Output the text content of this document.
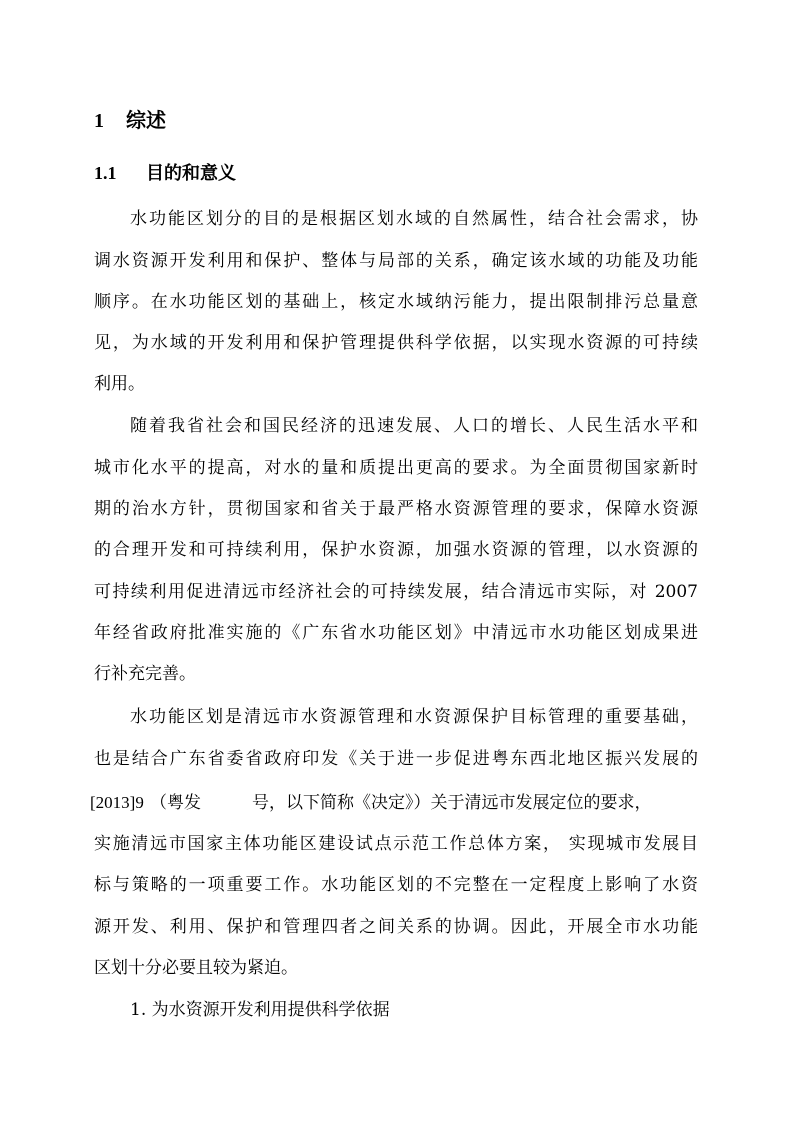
1 综述
1.1 目的和意义
水功能区划分的目的是根据区划水域的自然属性，结合社会需求，协
调水资源开发利用和保护、整体与局部的关系，确定该水域的功能及功能
顺序。在水功能区划的基础上，核定水域纳污能力，提出限制排污总量意
见，为水域的开发利用和保护管理提供科学依据，以实现水资源的可持续
利用。
随着我省社会和国民经济的迅速发展、人口的增长、人民生活水平和
城市化水平的提高，对水的量和质提出更高的要求。为全面贯彻国家新时
期的治水方针，贯彻国家和省关于最严格水资源管理的要求，保障水资源
的合理开发和可持续利用，保护水资源，加强水资源的管理，以水资源的
可持续利用促进清远市经济社会的可持续发展，结合清远市实际，对 2007
年经省政府批准实施的《广东省水功能区划》中清远市水功能区划成果进
行补充完善。
水功能区划是清远市水资源管理和水资源保护目标管理的重要基础，
也是结合广东省委省政府印发《关于进一步促进粤东西北地区振兴发展的
[2013]9 （粤发　　　号，以下简称《决定》）关于清远市发展定位的要求，
实施清远市国家主体功能区建设试点示范工作总体方案， 实现城市发展目
标与策略的一项重要工作。水功能区划的不完整在一定程度上影响了水资
源开发、利用、保护和管理四者之间关系的协调。因此，开展全市水功能
区划十分必要且较为紧迫。
1. 为水资源开发利用提供科学依据
